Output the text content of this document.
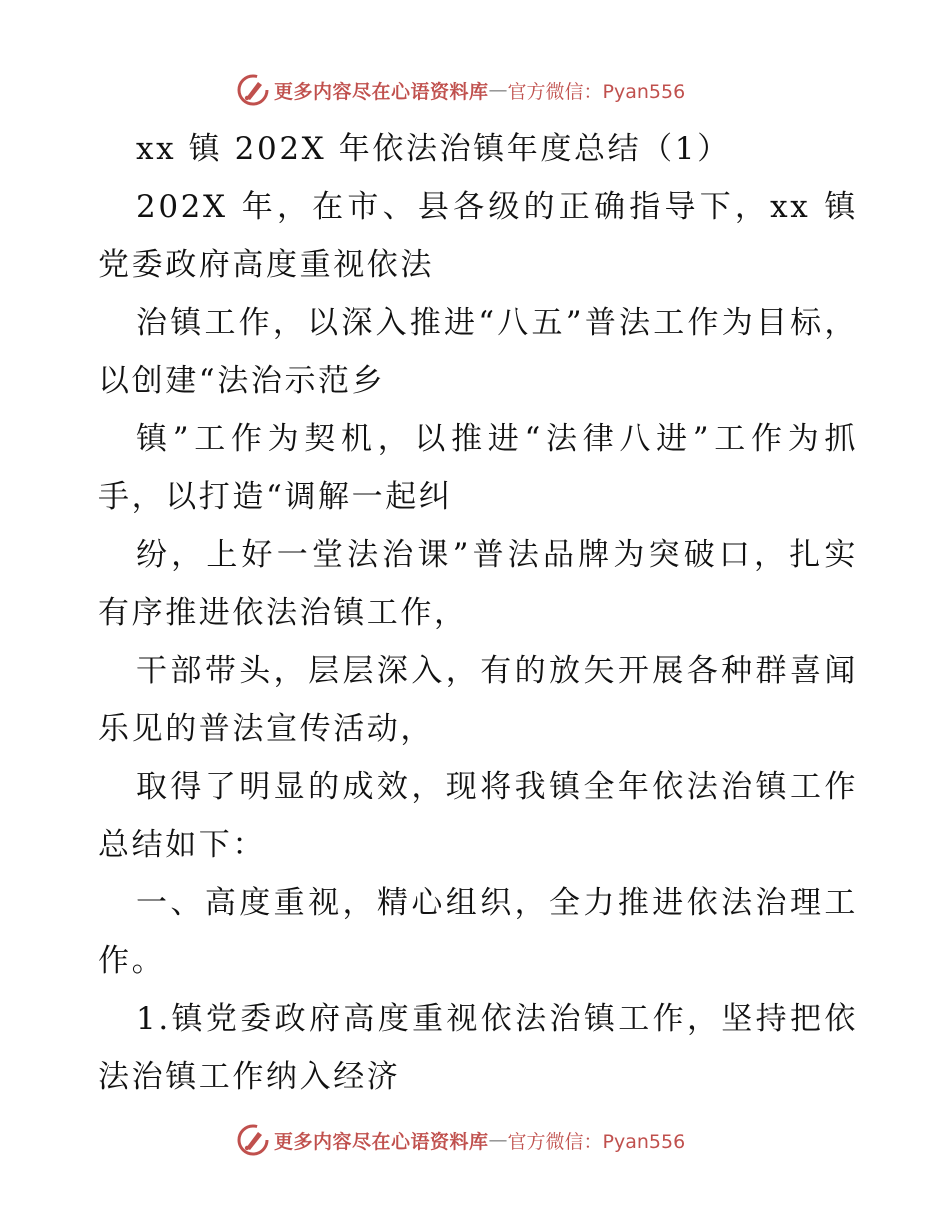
更多内容尽在心语资料库 — 官方微信：Pyan556

xx 镇 202X 年依法治镇年度总结（1）

202X 年，在市、县各级的正确指导下，xx 镇党委政府高度重视依法

治镇工作，以深入推进“八五”普法工作为目标，以创建“法治示范乡

镇”工作为契机，以推进“法律八进”工作为抓手，以打造“调解一起纠

纷，上好一堂法治课”普法品牌为突破口，扎实有序推进依法治镇工作，

干部带头，层层深入，有的放矢开展各种群喜闻乐见的普法宣传活动，

取得了明显的成效，现将我镇全年依法治镇工作总结如下：

一、高度重视，精心组织，全力推进依法治理工作。

1.镇党委政府高度重视依法治镇工作，坚持把依法治镇工作纳入经济

更多内容尽在心语资料库 — 官方微信：Pyan556
